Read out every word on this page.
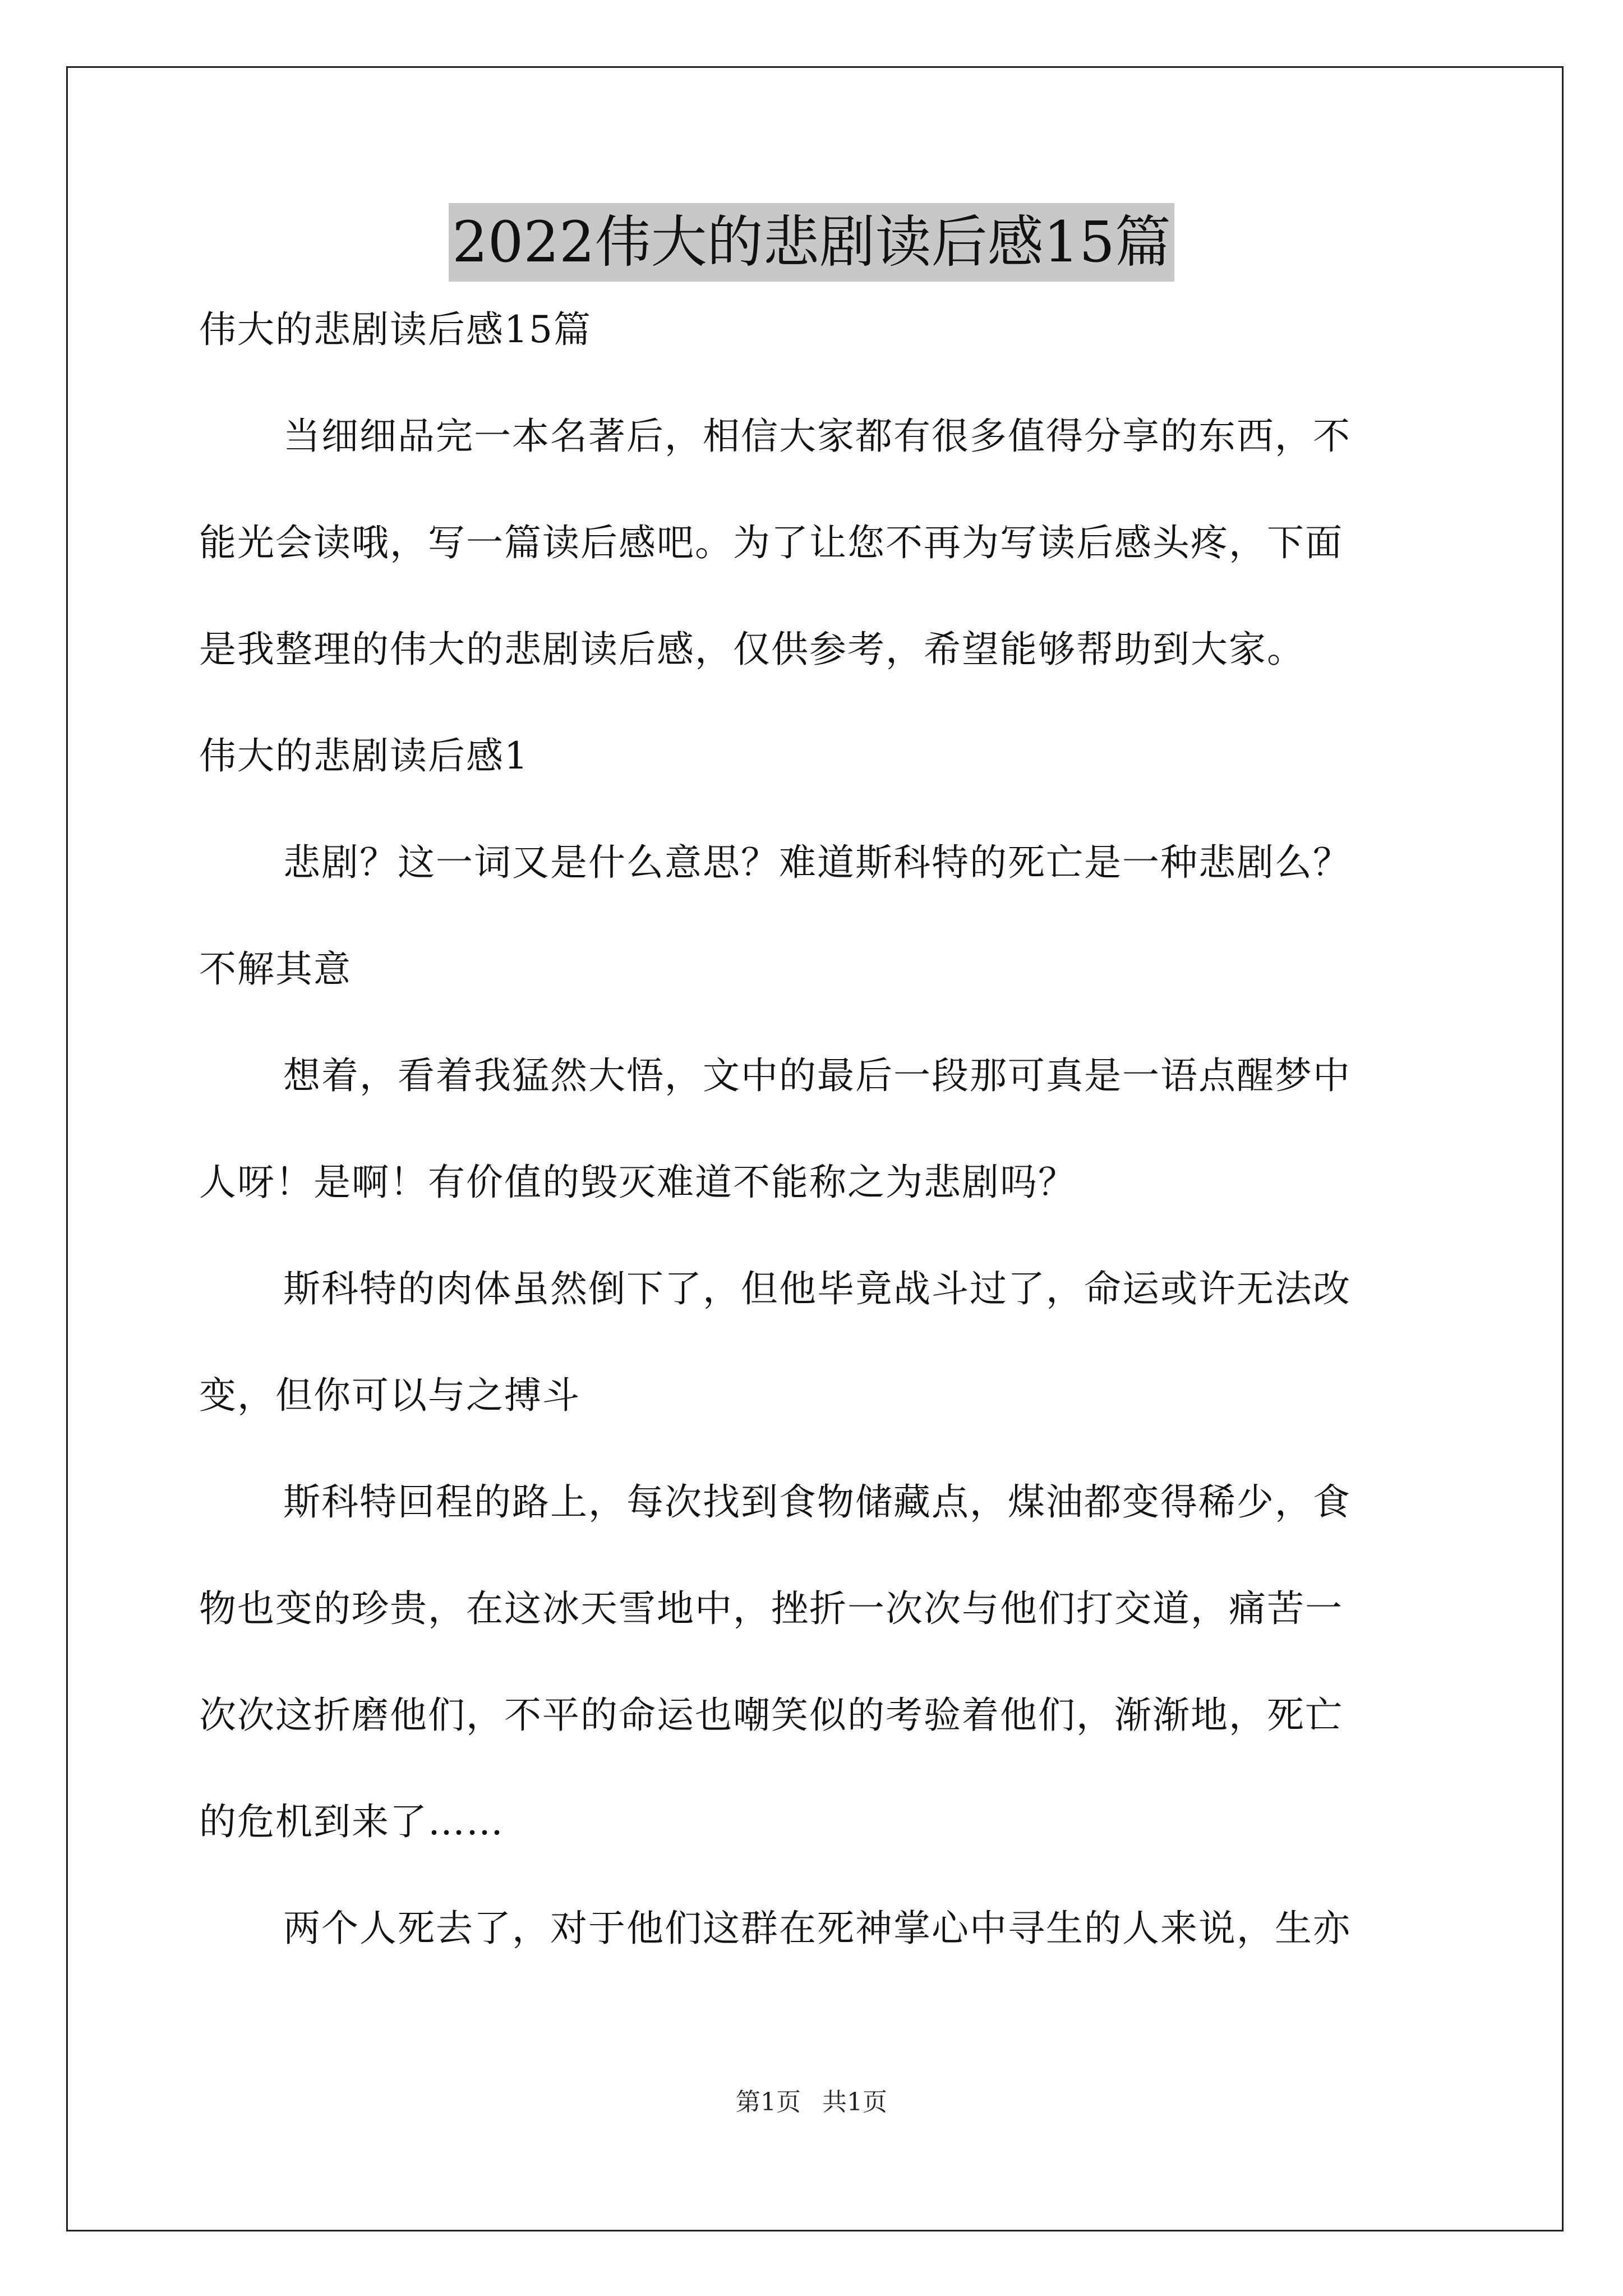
2022伟大的悲剧读后感15篇
伟大的悲剧读后感15篇
当细细品完一本名著后，相信大家都有很多值得分享的东西，不
能光会读哦，写一篇读后感吧。为了让您不再为写读后感头疼，下面
是我整理的伟大的悲剧读后感，仅供参考，希望能够帮助到大家。
伟大的悲剧读后感1
悲剧？这一词又是什么意思？难道斯科特的死亡是一种悲剧么？
不解其意
想着，看着我猛然大悟，文中的最后一段那可真是一语点醒梦中
人呀！是啊！有价值的毁灭难道不能称之为悲剧吗？
斯科特的肉体虽然倒下了，但他毕竟战斗过了，命运或许无法改
变，但你可以与之搏斗
斯科特回程的路上，每次找到食物储藏点，煤油都变得稀少，食
物也变的珍贵，在这冰天雪地中，挫折一次次与他们打交道，痛苦一
次次这折磨他们，不平的命运也嘲笑似的考验着他们，渐渐地，死亡
的危机到来了……
两个人死去了，对于他们这群在死神掌心中寻生的人来说，生亦
第1页 共1页
